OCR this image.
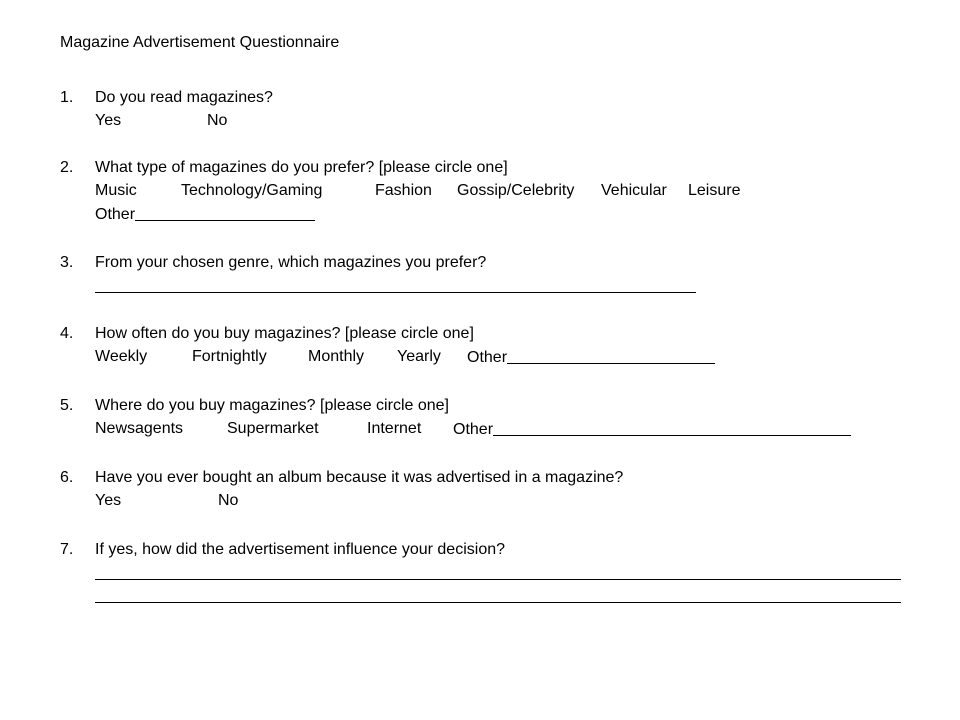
Magazine Advertisement Questionnaire
1. Do you read magazines?
Yes	No
2. What type of magazines do you prefer? [please circle one]
Music	Technology/Gaming	Fashion Gossip/Celebrity Vehicular Leisure
Other
3. From your chosen genre, which magazines you prefer?
4. How often do you buy magazines? [please circle one]
Weekly	Fortnightly	Monthly Yearly Other
5. Where do you buy magazines? [please circle one]
Newsagents	Supermarket	Internet Other
6. Have you ever bought an album because it was advertised in a magazine?
Yes	No
7. If yes, how did the advertisement influence your decision?
